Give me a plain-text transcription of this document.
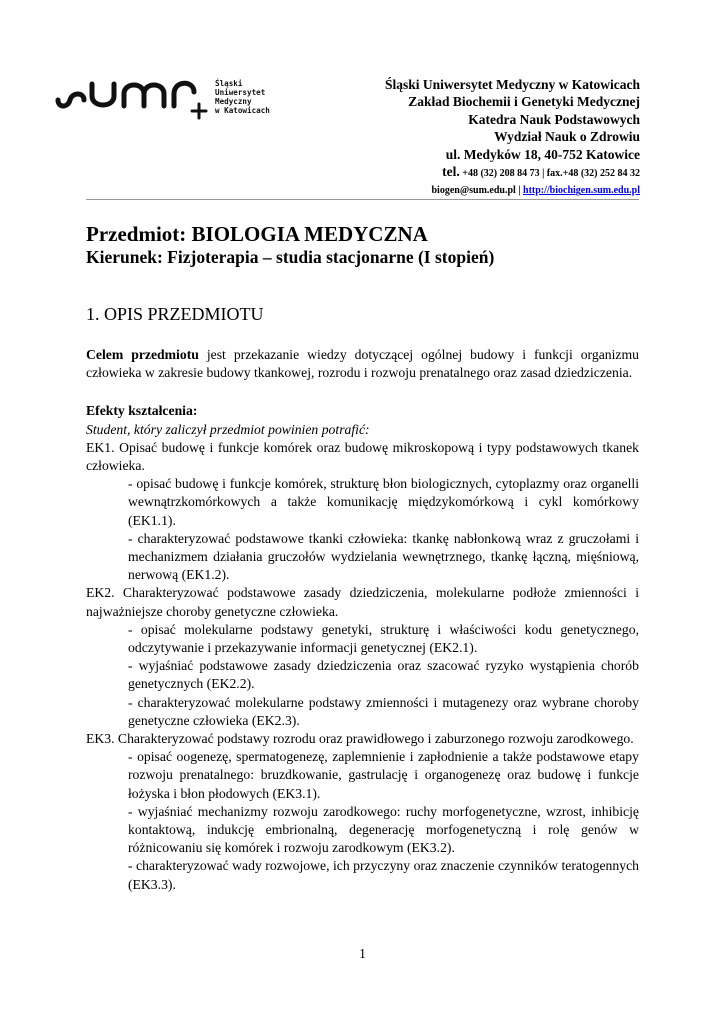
Śląski
Uniwersytet
Medyczny
w Katowicach
Śląski Uniwersytet Medyczny w Katowicach
Zakład Biochemii i Genetyki Medycznej
Katedra Nauk Podstawowych
Wydział Nauk o Zdrowiu
ul. Medyków 18, 40-752 Katowice
tel. +48 (32) 208 84 73 | fax.+48 (32) 252 84 32
biogen@sum.edu.pl | http://biochigen.sum.edu.pl
Przedmiot: BIOLOGIA MEDYCZNA
Kierunek: Fizjoterapia – studia stacjonarne (I stopień)
1. OPIS PRZEDMIOTU

Celem przedmiotu jest przekazanie wiedzy dotyczącej ogólnej budowy i funkcji organizmu człowieka w zakresie budowy tkankowej, rozrodu i rozwoju prenatalnego oraz zasad dziedziczenia.

Efekty kształcenia:

Student, który zaliczył przedmiot powinien potrafić:

EK1. Opisać budowę i funkcje komórek oraz budowę mikroskopową i typy podstawowych tkanek człowieka.

- opisać budowę i funkcje komórek, strukturę błon biologicznych, cytoplazmy oraz organelli wewnątrzkomórkowych a także komunikację międzykomórkową i cykl komórkowy (EK1.1).

- charakteryzować podstawowe tkanki człowieka: tkankę nabłonkową wraz z gruczołami i mechanizmem działania gruczołów wydzielania wewnętrznego, tkankę łączną, mięśniową, nerwową (EK1.2).

EK2. Charakteryzować podstawowe zasady dziedziczenia, molekularne podłoże zmienności i najważniejsze choroby genetyczne człowieka.

- opisać molekularne podstawy genetyki, strukturę i właściwości kodu genetycznego, odczytywanie i przekazywanie informacji genetycznej (EK2.1).

- wyjaśniać podstawowe zasady dziedziczenia oraz szacować ryzyko wystąpienia chorób genetycznych (EK2.2).

- charakteryzować molekularne podstawy zmienności i mutagenezy oraz wybrane choroby genetyczne człowieka (EK2.3).

EK3. Charakteryzować podstawy rozrodu oraz prawidłowego i zaburzonego rozwoju zarodkowego.

- opisać oogenezę, spermatogenezę, zaplemnienie i zapłodnienie a także podstawowe etapy rozwoju prenatalnego: bruzdkowanie, gastrulację i organogenezę oraz budowę i funkcje łożyska i błon płodowych (EK3.1).

- wyjaśniać mechanizmy rozwoju zarodkowego: ruchy morfogenetyczne, wzrost, inhibicję kontaktową, indukcję embrionalną, degenerację morfogenetyczną i rolę genów w różnicowaniu się komórek i rozwoju zarodkowym (EK3.2).

- charakteryzować wady rozwojowe, ich przyczyny oraz znaczenie czynników teratogennych (EK3.3).

1
